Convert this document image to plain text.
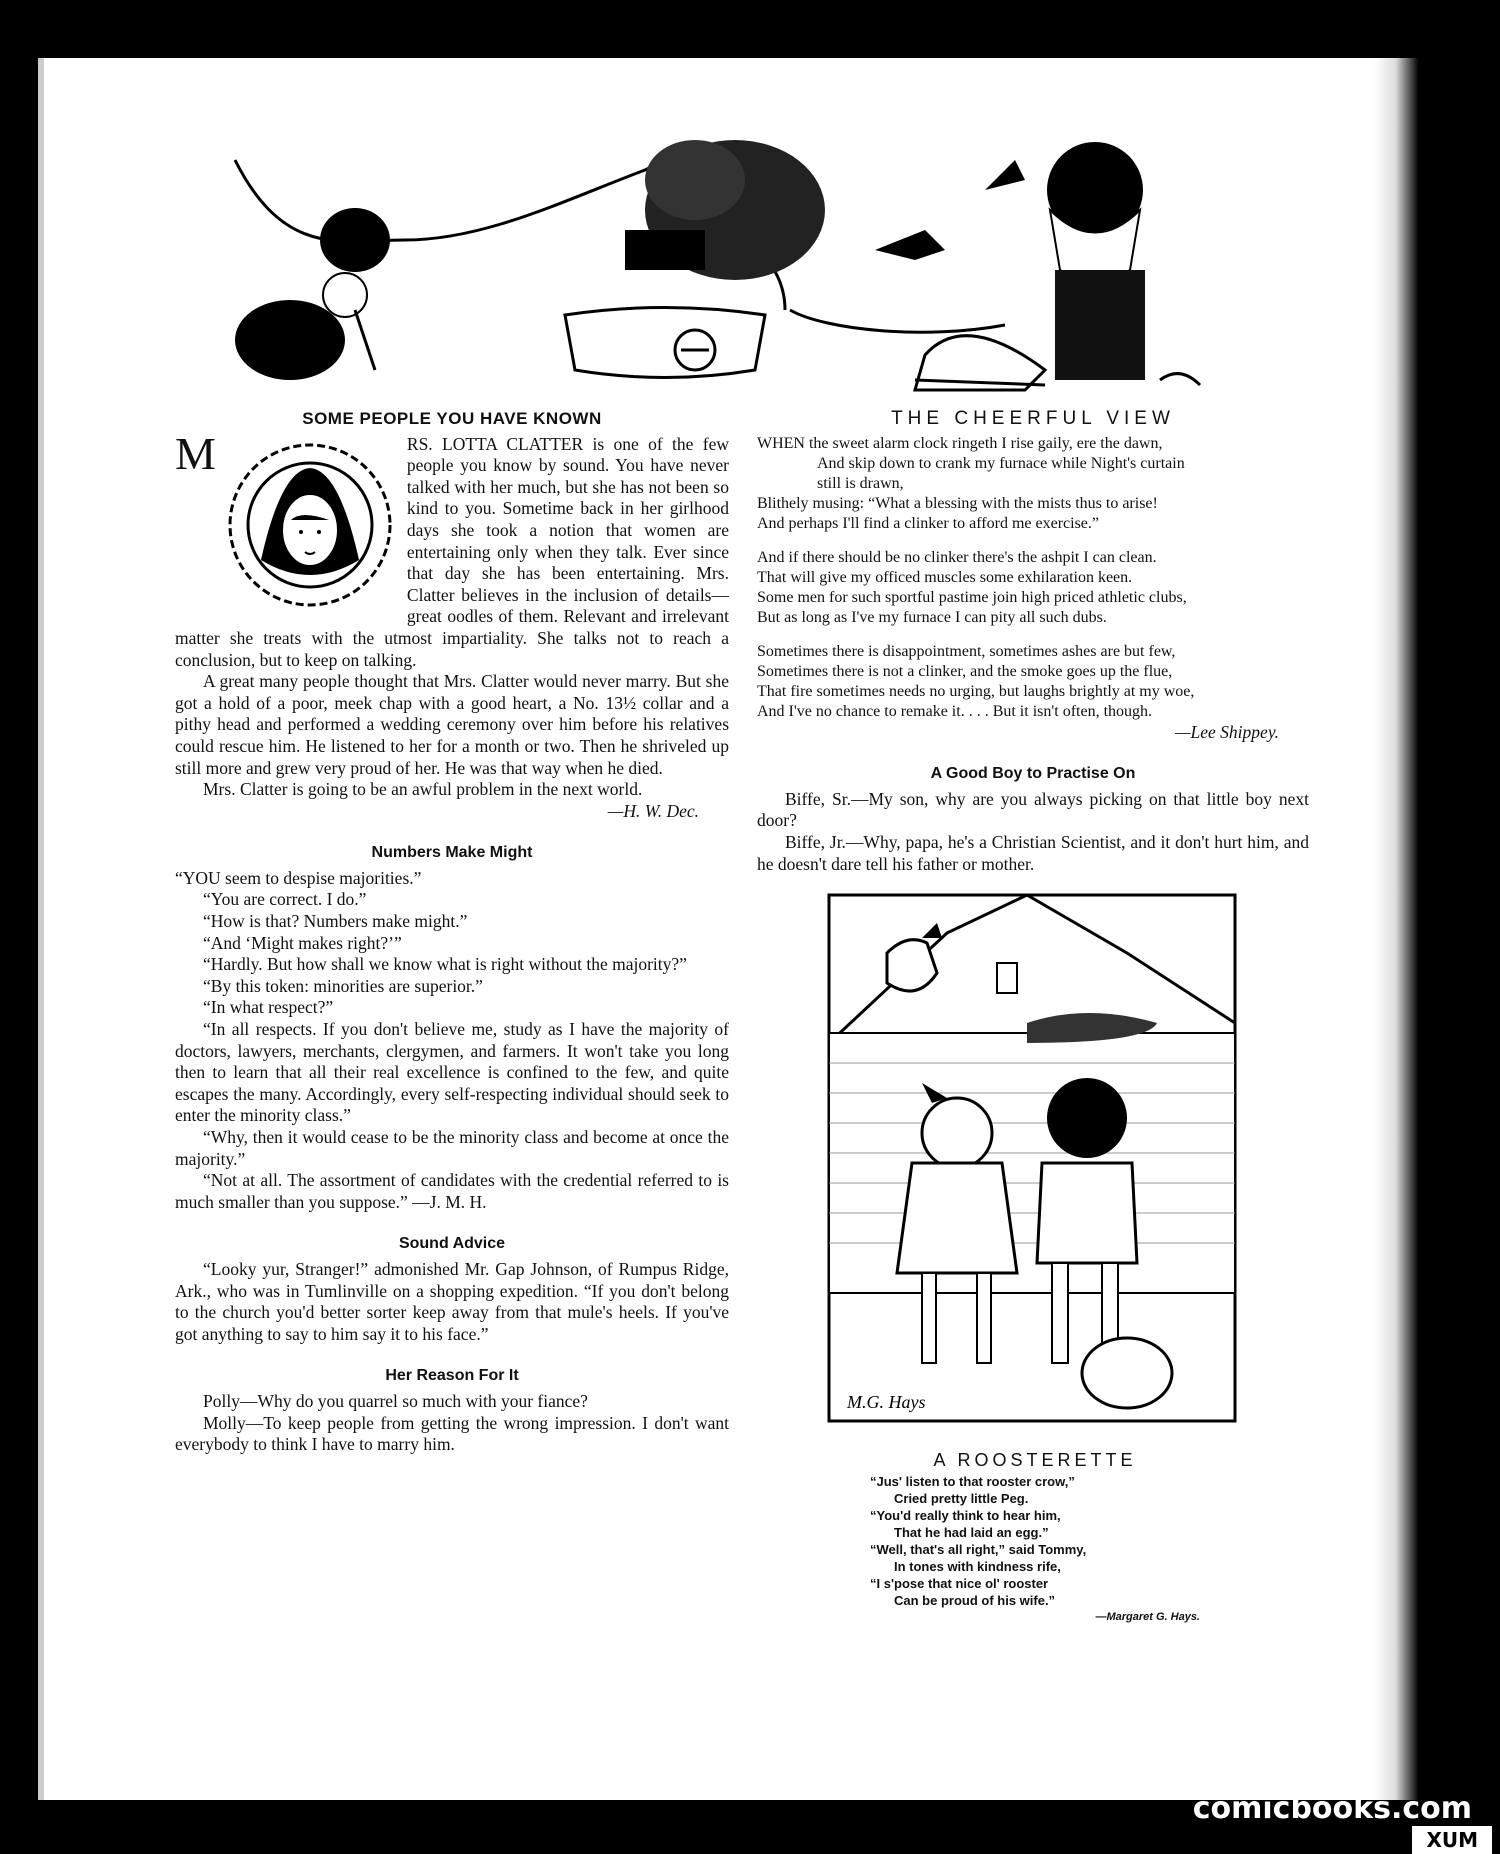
SOME PEOPLE YOU HAVE KNOWN
M	RS. LOTTA CLATTER is one of the few people you know by sound. You have never talked with her much, but she has not been so kind to you. Sometime back in her girlhood days she took a notion that women are entertaining only when they talk. Ever since that day she has been entertaining. Mrs. Clatter believes in the inclusion of details—great oodles of them. Relevant and irrelevant matter she treats with the utmost impartiality. She talks not to reach a conclusion, but to keep on talking.

A great many people thought that Mrs. Clatter would never marry. But she got a hold of a poor, meek chap with a good heart, a No. 13½ collar and a pithy head and performed a wedding ceremony over him before his relatives could rescue him. He listened to her for a month or two. Then he shriveled up still more and grew very proud of her. He was that way when he died.

Mrs. Clatter is going to be an awful problem in the next world.

—H. W. Dec.

Numbers Make Might

“YOU seem to despise majorities.”

“You are correct. I do.”

“How is that? Numbers make might.”

“And ‘Might makes right?’”

“Hardly. But how shall we know what is right without the majority?”

“By this token: minorities are superior.”

“In what respect?”

“In all respects. If you don't believe me, study as I have the majority of doctors, lawyers, merchants, clergymen, and farmers. It won't take you long then to learn that all their real excellence is confined to the few, and quite escapes the many. Accordingly, every self-respecting individual should seek to enter the minority class.”

“Why, then it would cease to be the minority class and become at once the majority.”

“Not at all. The assortment of candidates with the credential referred to is much smaller than you suppose.” —J. M. H.

Sound Advice

“Looky yur, Stranger!” admonished Mr. Gap Johnson, of Rumpus Ridge, Ark., who was in Tumlinville on a shopping expedition. “If you don't belong to the church you'd better sorter keep away from that mule's heels. If you've got anything to say to him say it to his face.”

Her Reason For It

Polly—Why do you quarrel so much with your fiance?

Molly—To keep people from getting the wrong impression. I don't want everybody to think I have to marry him.

THE CHEERFUL VIEW

WHEN the sweet alarm clock ringeth I rise gaily, ere the dawn,

And skip down to crank my furnace while Night's curtain

still is drawn,

Blithely musing: “What a blessing with the mists thus to arise!

And perhaps I'll find a clinker to afford me exercise.”

And if there should be no clinker there's the ashpit I can clean.

That will give my officed muscles some exhilaration keen.

Some men for such sportful pastime join high priced athletic clubs,

But as long as I've my furnace I can pity all such dubs.

Sometimes there is disappointment, sometimes ashes are but few,

Sometimes there is not a clinker, and the smoke goes up the flue,

That fire sometimes needs no urging, but laughs brightly at my woe,

And I've no chance to remake it. . . . But it isn't often, though.

—Lee Shippey.

A Good Boy to Practise On

Biffe, Sr.—My son, why are you always picking on that little boy next door?

Biffe, Jr.—Why, papa, he's a Christian Scientist, and it don't hurt him, and he doesn't dare tell his father or mother.

M.G. Hays
A ROOSTERETTE
“Jus' listen to that rooster crow,”
Cried pretty little Peg.
“You'd really think to hear him,
That he had laid an egg.”
“Well, that's all right,” said Tommy,
In tones with kindness rife,
“I s'pose that nice ol' rooster
Can be proud of his wife.”
—Margaret G. Hays.
comicbooks.com
XUM
